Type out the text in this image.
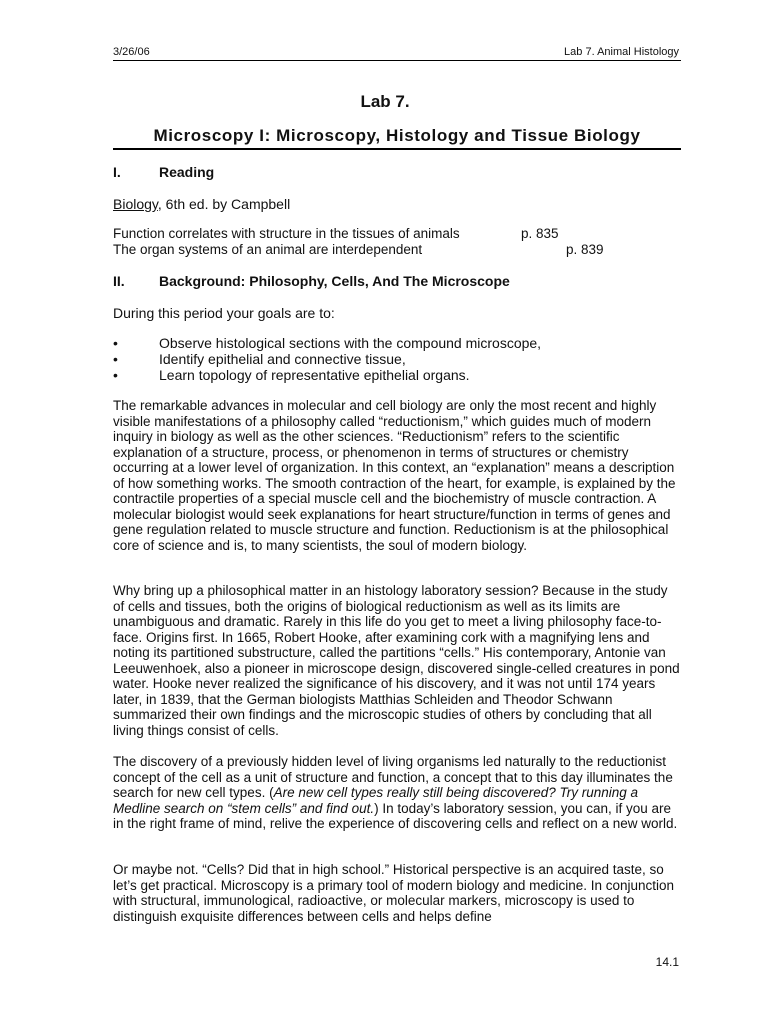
3/26/06	Lab 7. Animal Histology
Lab 7.
Microscopy I: Microscopy, Histology and Tissue Biology
I.	Reading
Biology, 6th ed. by Campbell
Function correlates with structure in the tissues of animals	p. 835
The organ systems of an animal are interdependent	p. 839
II. Background: Philosophy, Cells, And The Microscope
During this period your goals are to:
•	Observe histological sections with the compound microscope,
•	Identify epithelial and connective tissue,
•	Learn topology of representative epithelial organs.

The remarkable advances in molecular and cell biology are only the most recent and highly visible manifestations of a philosophy called “reductionism,” which guides much of modern inquiry in biology as well as the other sciences. “Reductionism” refers to the scientific explanation of a structure, process, or phenomenon in terms of structures or chemistry occurring at a lower level of organization. In this context, an “explanation” means a description of how something works. The smooth contraction of the heart, for example, is explained by the contractile properties of a special muscle cell and the biochemistry of muscle contraction. A molecular biologist would seek explanations for heart structure/function in terms of genes and gene regulation related to muscle structure and function. Reductionism is at the philosophical core of science and is, to many scientists, the soul of modern biology.

Why bring up a philosophical matter in an histology laboratory session? Because in the study of cells and tissues, both the origins of biological reductionism as well as its limits are unambiguous and dramatic. Rarely in this life do you get to meet a living philosophy face-to-face. Origins first. In 1665, Robert Hooke, after examining cork with a magnifying lens and noting its partitioned substructure, called the partitions “cells.” His contemporary, Antonie van Leeuwenhoek, also a pioneer in microscope design, discovered single-celled creatures in pond water. Hooke never realized the significance of his discovery, and it was not until 174 years later, in 1839, that the German biologists Matthias Schleiden and Theodor Schwann summarized their own findings and the microscopic studies of others by concluding that all living things consist of cells.

The discovery of a previously hidden level of living organisms led naturally to the reductionist concept of the cell as a unit of structure and function, a concept that to this day illuminates the search for new cell types. (Are new cell types really still being discovered? Try running a Medline search on “stem cells” and find out.) In today’s laboratory session, you can, if you are in the right frame of mind, relive the experience of discovering cells and reflect on a new world.

Or maybe not. “Cells? Did that in high school.” Historical perspective is an acquired taste, so let’s get practical. Microscopy is a primary tool of modern biology and medicine. In conjunction with structural, immunological, radioactive, or molecular markers, microscopy is used to distinguish exquisite differences between cells and helps define

14.1
